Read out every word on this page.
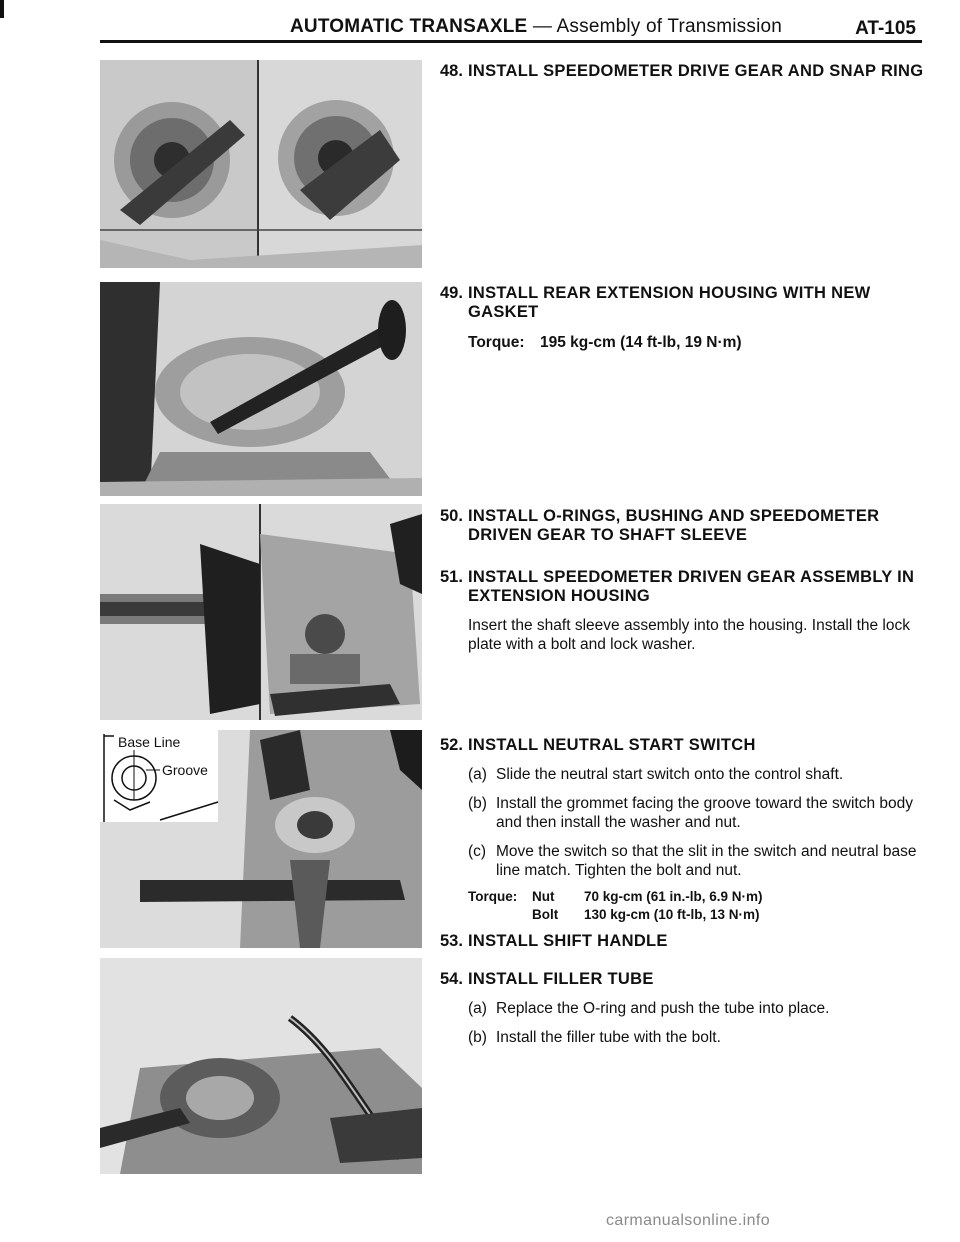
AUTOMATIC TRANSAXLE — Assembly of Transmission	AT-105
Base Line
Groove
48. INSTALL SPEEDOMETER DRIVE GEAR AND SNAP RING
49. INSTALL REAR EXTENSION HOUSING WITH NEW GASKET
Torque: 195 kg-cm (14 ft-lb, 19 N·m)
50. INSTALL O-RINGS, BUSHING AND SPEEDOMETER DRIVEN GEAR TO SHAFT SLEEVE
51. INSTALL SPEEDOMETER DRIVEN GEAR ASSEMBLY IN EXTENSION HOUSING
Insert the shaft sleeve assembly into the housing. Install the lock plate with a bolt and lock washer.
52. INSTALL NEUTRAL START SWITCH
(a) Slide the neutral start switch onto the control shaft.
(b) Install the grommet facing the groove toward the switch body and then install the washer and nut.
(c) Move the switch so that the slit in the switch and neutral base line match. Tighten the bolt and nut.
Torque: Nut 70 kg-cm (61 in.-lb, 6.9 N·m)
Bolt 130 kg-cm (10 ft-lb, 13 N·m)
53. INSTALL SHIFT HANDLE
54. INSTALL FILLER TUBE
(a) Replace the O-ring and push the tube into place.
(b) Install the filler tube with the bolt.
carmanualsonline.info
